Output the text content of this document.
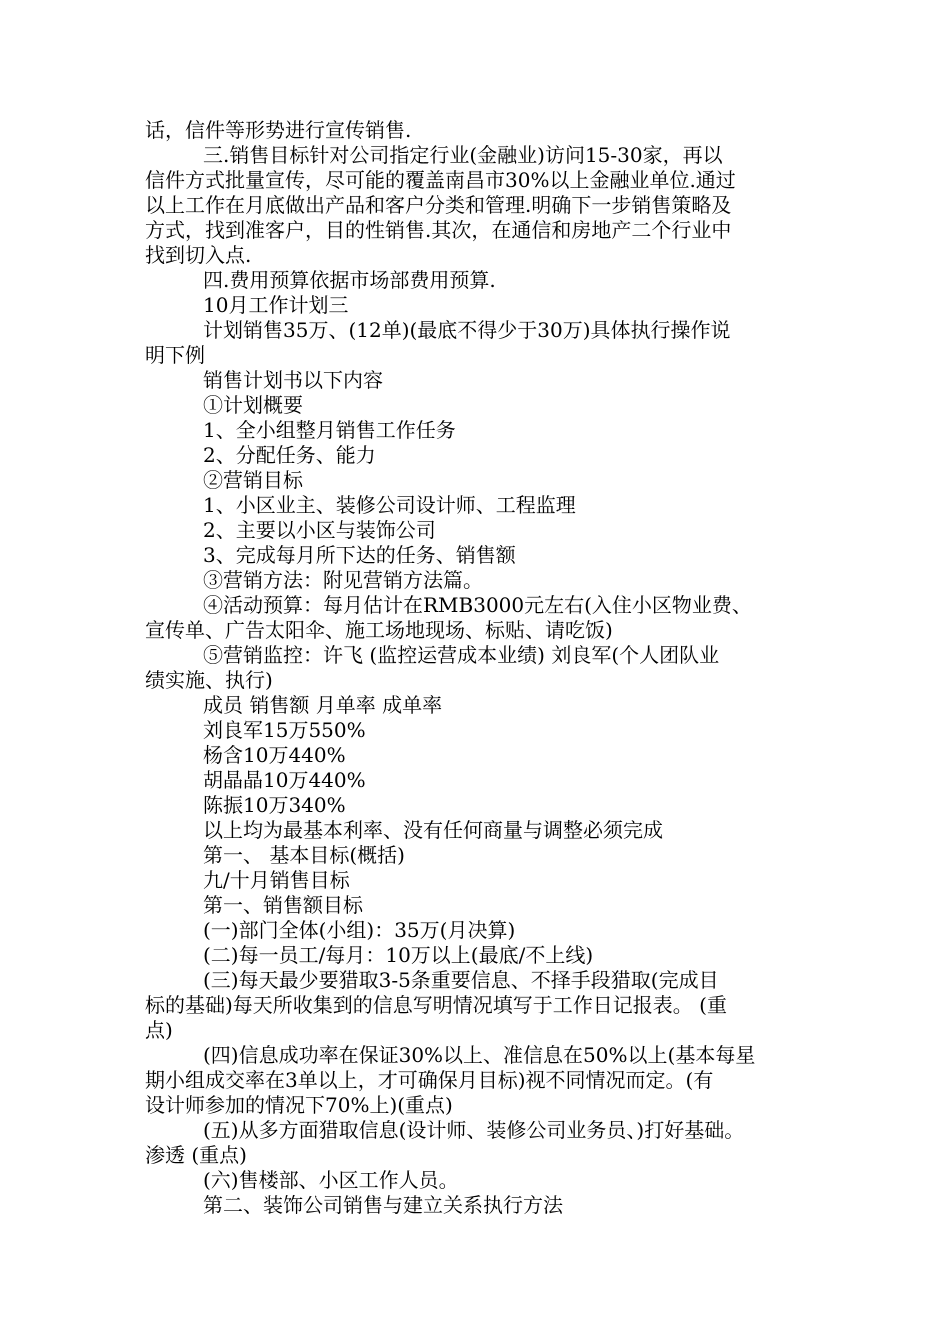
话，信件等形势进行宣传销售.

三.销售目标针对公司指定行业(金融业)访问15-30家，再以

信件方式批量宣传，尽可能的覆盖南昌市30%以上金融业单位.通过

以上工作在月底做出产品和客户分类和管理.明确下一步销售策略及

方式，找到准客户，目的性销售.其次，在通信和房地产二个行业中

找到切入点.

四.费用预算依据市场部费用预算.

10月工作计划三

计划销售35万、(12单)(最底不得少于30万)具体执行操作说

明下例

销售计划书以下内容

①计划概要

1、全小组整月销售工作任务

2、分配任务、能力

②营销目标

1、小区业主、装修公司设计师、工程监理

2、主要以小区与装饰公司

3、完成每月所下达的任务、销售额

③营销方法：附见营销方法篇。

④活动预算：每月估计在RMB3000元左右(入住小区物业费、

宣传单、广告太阳伞、施工场地现场、标贴、请吃饭)

⑤营销监控：许飞 (监控运营成本业绩) 刘良军(个人团队业

绩实施、执行)

成员 销售额 月单率 成单率

刘良军15万550%

杨含10万440%

胡晶晶10万440%

陈振10万340%

以上均为最基本利率、没有任何商量与调整必须完成

第一、 基本目标(概括)

九/十月销售目标

第一、销售额目标

(一)部门全体(小组)：35万(月决算)

(二)每一员工/每月：10万以上(最底/不上线)

(三)每天最少要猎取3-5条重要信息、不择手段猎取(完成目

标的基础)每天所收集到的信息写明情况填写于工作日记报表。 (重

点)

(四)信息成功率在保证30%以上、准信息在50%以上(基本每星

期小组成交率在3单以上，才可确保月目标)视不同情况而定。(有

设计师参加的情况下70%上)(重点)

(五)从多方面猎取信息(设计师、装修公司业务员、)打好基础。

渗透 (重点)

(六)售楼部、小区工作人员。

第二、装饰公司销售与建立关系执行方法
